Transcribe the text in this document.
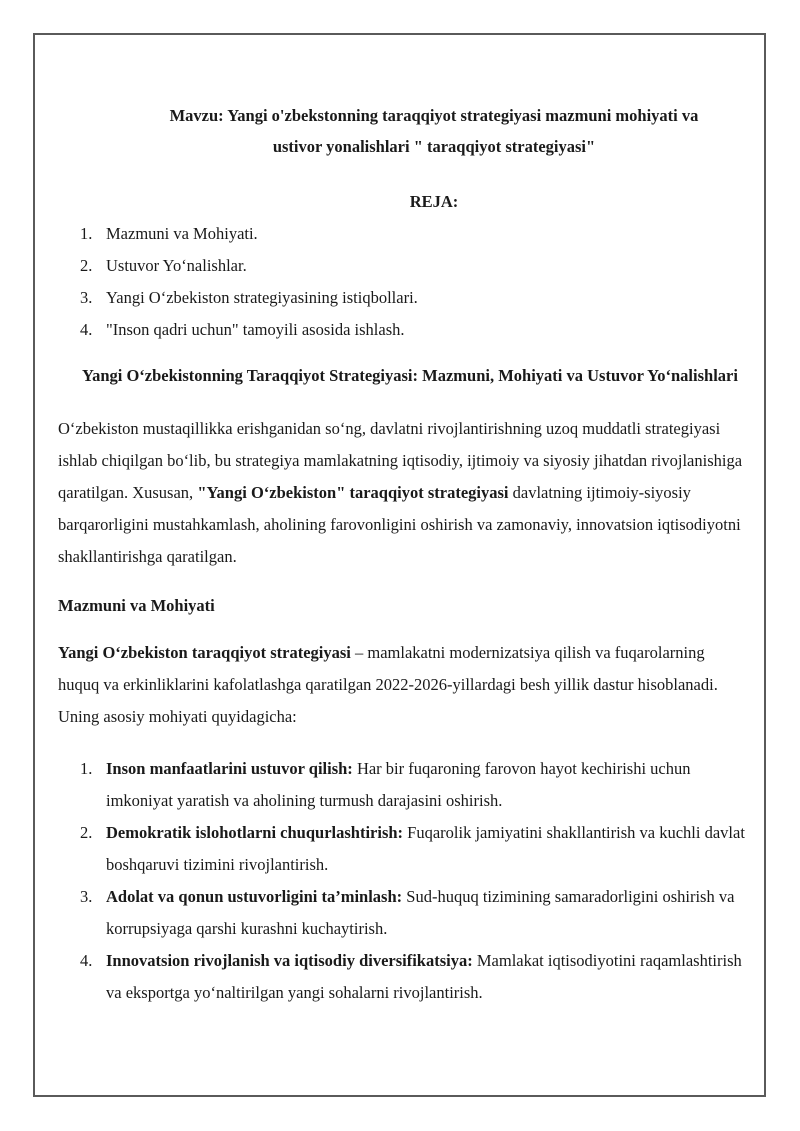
Mavzu: Yangi o'zbekstonning taraqqiyot strategiyasi mazmuni mohiyati va
ustivor yonalishlari " taraqqiyot strategiyasi"

REJA:

1. Mazmuni va Mohiyati.
2. Ustuvor Yo‘nalishlar.
3. Yangi O‘zbekiston strategiyasining istiqbollari.
4. "Inson qadri uchun" tamoyili asosida ishlash.

Yangi O‘zbekistonning Taraqqiyot Strategiyasi: Mazmuni, Mohiyati va Ustuvor Yo‘nalishlari

O‘zbekiston mustaqillikka erishganidan so‘ng, davlatni rivojlantirishning uzoq muddatli strategiyasi ishlab chiqilgan bo‘lib, bu strategiya mamlakatning iqtisodiy, ijtimoiy va siyosiy jihatdan rivojlanishiga qaratilgan. Xususan, "Yangi O‘zbekiston" taraqqiyot strategiyasi davlatning ijtimoiy-siyosiy barqarorligini mustahkamlash, aholining farovonligini oshirish va zamonaviy, innovatsion iqtisodiyotni shakllantirishga qaratilgan.

Mazmuni va Mohiyati

Yangi O‘zbekiston taraqqiyot strategiyasi – mamlakatni modernizatsiya qilish va fuqarolarning huquq va erkinliklarini kafolatlashga qaratilgan 2022-2026-yillardagi besh yillik dastur hisoblanadi. Uning asosiy mohiyati quyidagicha:

1. Inson manfaatlarini ustuvor qilish: Har bir fuqaroning farovon hayot kechirishi uchun imkoniyat yaratish va aholining turmush darajasini oshirish.
2. Demokratik islohotlarni chuqurlashtirish: Fuqarolik jamiyatini shakllantirish va kuchli davlat boshqaruvi tizimini rivojlantirish.
3. Adolat va qonun ustuvorligini ta’minlash: Sud-huquq tizimining samaradorligini oshirish va korrupsiyaga qarshi kurashni kuchaytirish.
4. Innovatsion rivojlanish va iqtisodiy diversifikatsiya: Mamlakat iqtisodiyotini raqamlashtirish va eksportga yo‘naltirilgan yangi sohalarni rivojlantirish.
